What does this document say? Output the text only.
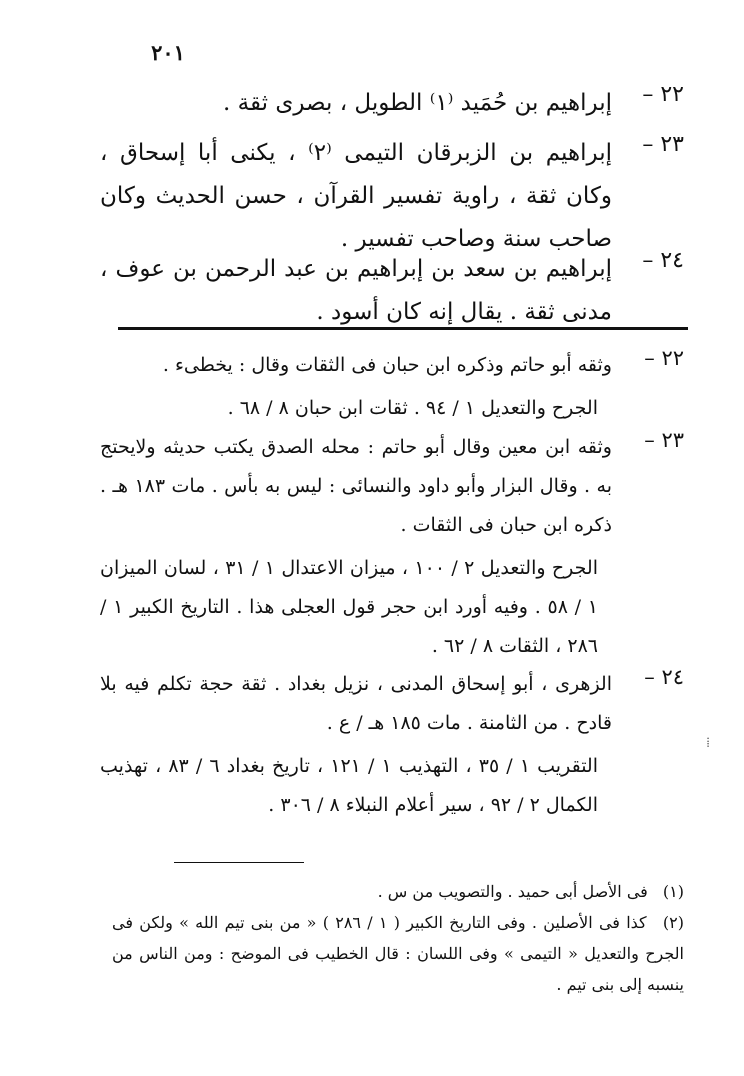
٢٠١
٢٢ –
إبراهيم بن حُمَيد ⁽١⁾ الطويل ، بصرى ثقة .
٢٣ –
إبراهيم بن الزبرقان التيمى ⁽٢⁾ ، يكنى أبا إسحاق ، وكان ثقة ، راوية تفسير القرآن ، حسن الحديث وكان صاحب سنة وصاحب تفسير .
٢٤ –
إبراهيم بن سعد بن إبراهيم بن عبد الرحمن بن عوف ، مدنى ثقة . يقال إنه كان أسود .
٢٢ –
وثقه أبو حاتم وذكره ابن حبان فى الثقات وقال : يخطىء .
الجرح والتعديل ١ / ٩٤ . ثقات ابن حبان ٨ / ٦٨ .
٢٣ –
وثقه ابن معين وقال أبو حاتم : محله الصدق يكتب حديثه ولايحتج به . وقال البزار وأبو داود والنسائى : ليس به بأس . مات ١٨٣ هـ . ذكره ابن حبان فى الثقات .
الجرح والتعديل ٢ / ١٠٠ ، ميزان الاعتدال ١ / ٣١ ، لسان الميزان ١ / ٥٨ . وفيه أورد ابن حجر قول العجلى هذا . التاريخ الكبير ١ / ٢٨٦ ، الثقات ٨ / ٦٢ .
٢٤ –
الزهرى ، أبو إسحاق المدنى ، نزيل بغداد . ثقة حجة تكلم فيه بلا قادح . من الثامنة . مات ١٨٥ هـ / ع .
التقريب ١ / ٣٥ ، التهذيب ١ / ١٢١ ، تاريخ بغداد ٦ / ٨٣ ، تهذيب الكمال ٢ / ٩٢ ، سير أعلام النبلاء ٨ / ٣٠٦ .
(١) فى الأصل أبى حميد . والتصويب من س .
(٢) كذا فى الأصلين . وفى التاريخ الكبير ( ١ / ٢٨٦ ) « من بنى تيم الله » ولكن فى الجرح والتعديل « التيمى » وفى اللسان : قال الخطيب فى الموضح : ومن الناس من ينسبه إلى بنى تيم .
⁞
